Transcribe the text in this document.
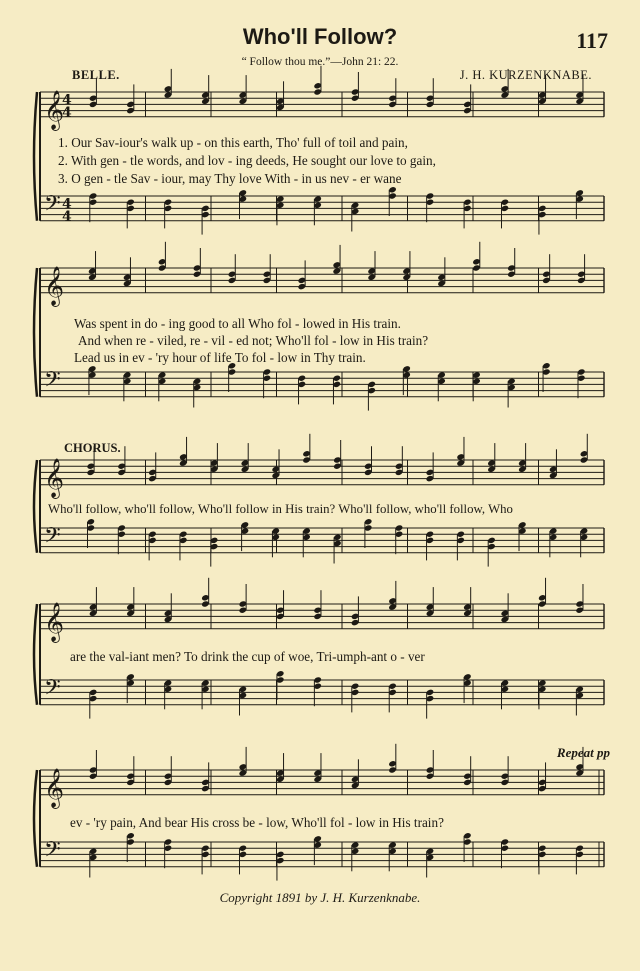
Who'll Follow?	117
“ Follow thou me.”—John 21: 22.
BELLE.	J. H. KURZENKNABE.
𝄞
𝄢
4
4
4
4
𝄞
𝄢
𝄞
𝄢
𝄞
𝄢
𝄞
𝄢
1. Our Sav-iour's walk up - on this earth, Tho' full of toil and pain,
2. With gen - tle words, and lov - ing deeds, He sought our love to gain,
3. O gen - tle Sav - iour, may Thy love With - in us nev - er wane
Was spent in do - ing good to all Who fol - lowed in His train.
And when re - viled, re - vil - ed not; Who'll fol - low in His train?
Lead us in ev - 'ry hour of life To fol - low in Thy train.
CHORUS.
Who'll follow, who'll follow, Who'll follow in His train? Who'll follow, who'll follow, Who
are the val-iant men? To drink the cup of woe, Tri-umph-ant o - ver
Repeat pp
ev - 'ry pain, And bear His cross be - low, Who'll fol - low in His train?
Copyright 1891 by J. H. Kurzenknabe.
